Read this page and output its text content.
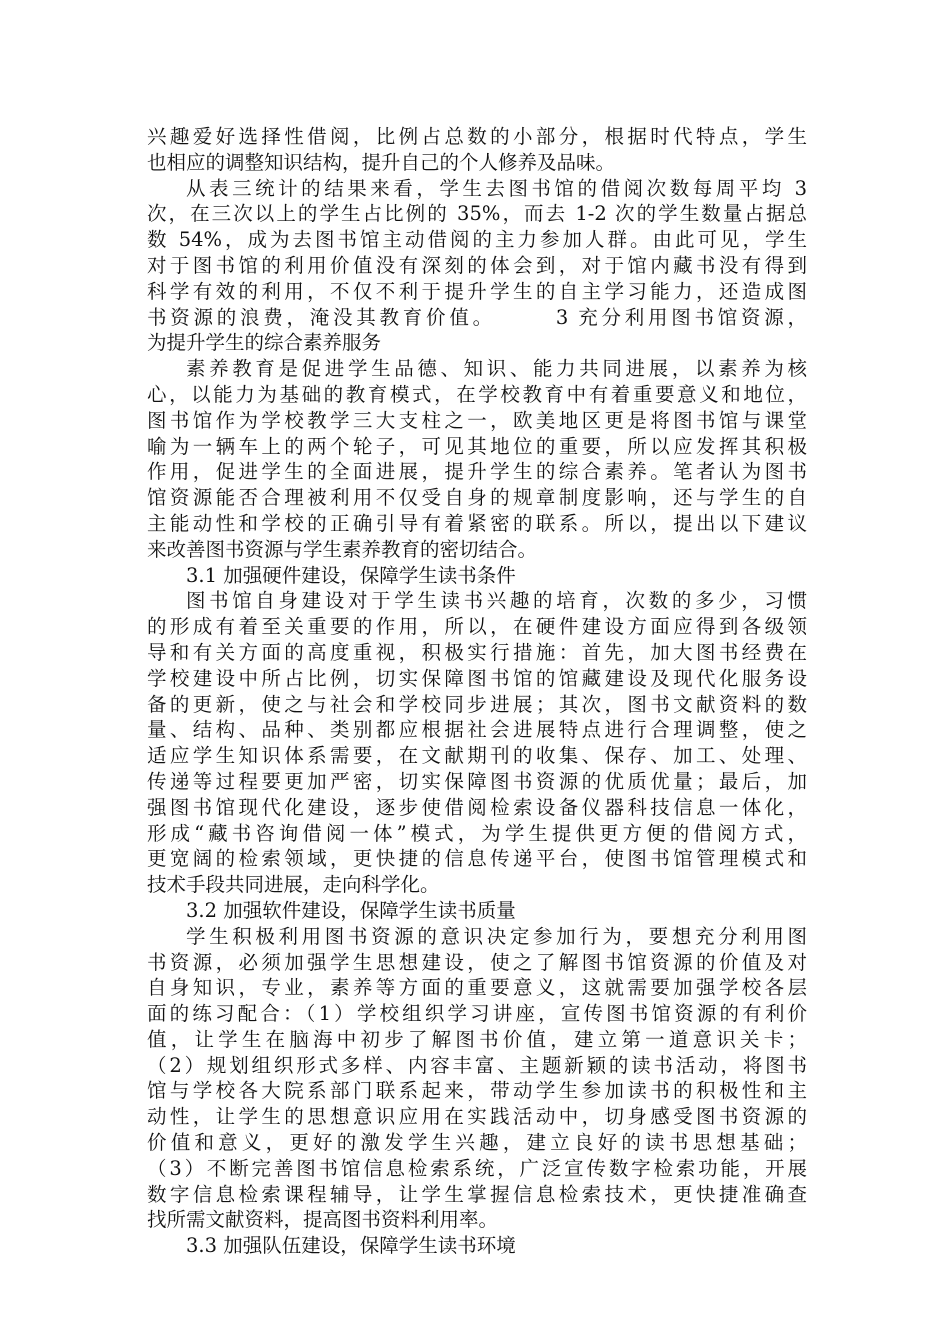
兴趣爱好选择性借阅，比例占总数的小部分，根据时代特点，学生
也相应的调整知识结构，提升自己的个人修养及品味。
从表三统计的结果来看，学生去图书馆的借阅次数每周平均 3
次，在三次以上的学生占比例的 35%，而去 1-2 次的学生数量占据总
数 54%，成为去图书馆主动借阅的主力参加人群。由此可见，学生
对于图书馆的利用价值没有深刻的体会到，对于馆内藏书没有得到
科学有效的利用，不仅不利于提升学生的自主学习能力，还造成图
书资源的浪费，淹没其教育价值。　　　3 充分利用图书馆资源，
为提升学生的综合素养服务
素养教育是促进学生品德、知识、能力共同进展，以素养为核
心，以能力为基础的教育模式，在学校教育中有着重要意义和地位，
图书馆作为学校教学三大支柱之一，欧美地区更是将图书馆与课堂
喻为一辆车上的两个轮子，可见其地位的重要，所以应发挥其积极
作用，促进学生的全面进展，提升学生的综合素养。笔者认为图书
馆资源能否合理被利用不仅受自身的规章制度影响，还与学生的自
主能动性和学校的正确引导有着紧密的联系。所以，提出以下建议
来改善图书资源与学生素养教育的密切结合。
3.1 加强硬件建设，保障学生读书条件
图书馆自身建设对于学生读书兴趣的培育，次数的多少，习惯
的形成有着至关重要的作用，所以，在硬件建设方面应得到各级领
导和有关方面的高度重视，积极实行措施：首先，加大图书经费在
学校建设中所占比例，切实保障图书馆的馆藏建设及现代化服务设
备的更新，使之与社会和学校同步进展；其次，图书文献资料的数
量、结构、品种、类别都应根据社会进展特点进行合理调整，使之
适应学生知识体系需要，在文献期刊的收集、保存、加工、处理、
传递等过程要更加严密，切实保障图书资源的优质优量；最后，加
强图书馆现代化建设，逐步使借阅检索设备仪器科技信息一体化，
形成“藏书咨询借阅一体”模式，为学生提供更方便的借阅方式，
更宽阔的检索领域，更快捷的信息传递平台，使图书馆管理模式和
技术手段共同进展，走向科学化。
3.2 加强软件建设，保障学生读书质量
学生积极利用图书资源的意识决定参加行为，要想充分利用图
书资源，必须加强学生思想建设，使之了解图书馆资源的价值及对
自身知识，专业，素养等方面的重要意义，这就需要加强学校各层
面的练习配合：（1）学校组织学习讲座，宣传图书馆资源的有利价
值，让学生在脑海中初步了解图书价值，建立第一道意识关卡；
（2）规划组织形式多样、内容丰富、主题新颖的读书活动，将图书
馆与学校各大院系部门联系起来，带动学生参加读书的积极性和主
动性，让学生的思想意识应用在实践活动中，切身感受图书资源的
价值和意义，更好的激发学生兴趣，建立良好的读书思想基础；
（3）不断完善图书馆信息检索系统，广泛宣传数字检索功能，开展
数字信息检索课程辅导，让学生掌握信息检索技术，更快捷准确查
找所需文献资料，提高图书资料利用率。
3.3 加强队伍建设，保障学生读书环境
